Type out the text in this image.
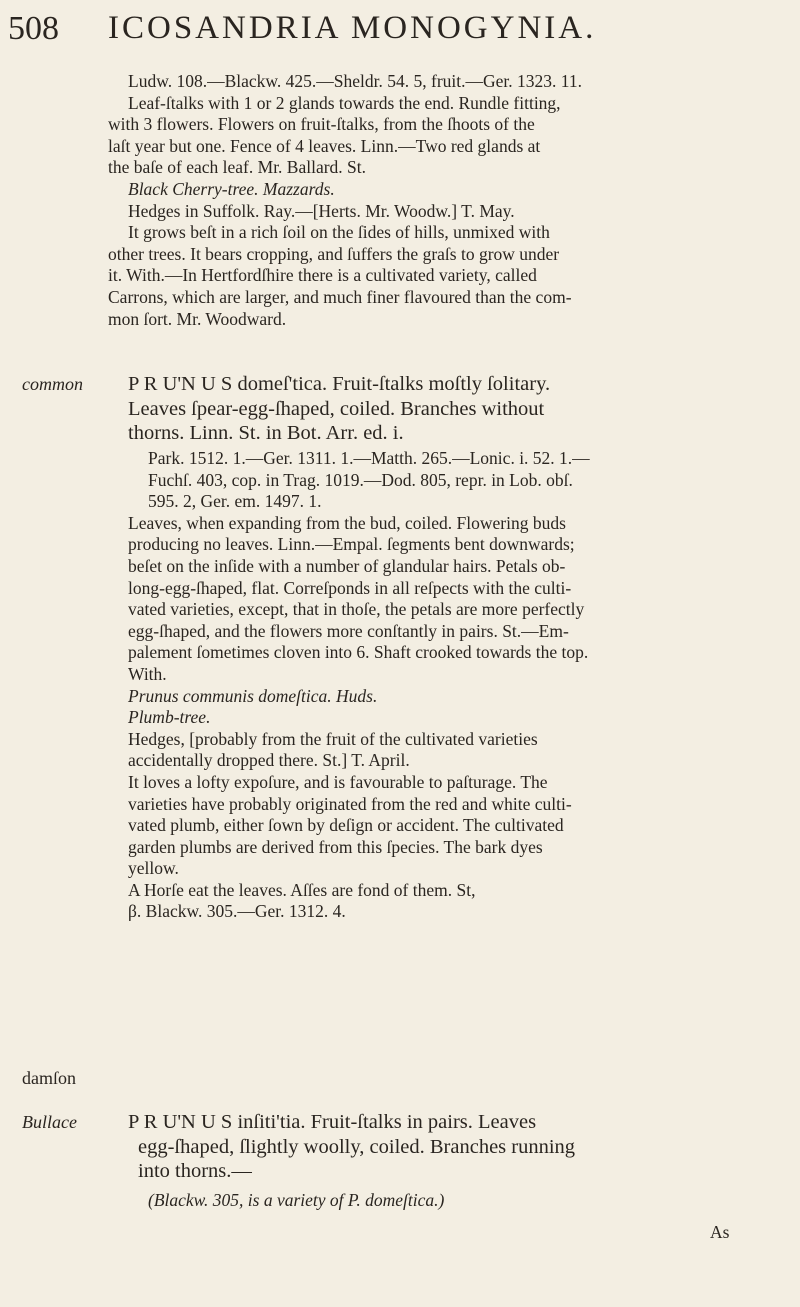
508 ICOSANDRIA MONOGYNIA.

Ludw. 108.—Blackw. 425.—Sheldr. 54. 5, fruit.—Ger. 1323. 11.

Leaf-ſtalks with 1 or 2 glands towards the end. Rundle fitting,

with 3 flowers. Flowers on fruit-ſtalks, from the ſhoots of the

laſt year but one. Fence of 4 leaves. Linn.—Two red glands at

the baſe of each leaf. Mr. Ballard. St.

Black Cherry-tree. Mazzards.

Hedges in Suffolk. Ray.—[Herts. Mr. Woodw.] T. May.

It grows beſt in a rich ſoil on the ſides of hills, unmixed with

other trees. It bears cropping, and ſuffers the graſs to grow under

it. With.—In Hertfordſhire there is a cultivated variety, called

Carrons, which are larger, and much finer flavoured than the com-

mon ſort. Mr. Woodward.

common
damſon
Bullace

P R U'N U S domeſ'tica. Fruit-ſtalks moſtly ſolitary.

Leaves ſpear-egg-ſhaped, coiled. Branches without

thorns. Linn. St. in Bot. Arr. ed. i.

Park. 1512. 1.—Ger. 1311. 1.—Matth. 265.—Lonic. i. 52. 1.—

Fuchſ. 403, cop. in Trag. 1019.—Dod. 805, repr. in Lob. obſ.

595. 2, Ger. em. 1497. 1.

Leaves, when expanding from the bud, coiled. Flowering buds

producing no leaves. Linn.—Empal. ſegments bent downwards;

beſet on the inſide with a number of glandular hairs. Petals ob-

long-egg-ſhaped, flat. Correſponds in all reſpects with the culti-

vated varieties, except, that in thoſe, the petals are more perfectly

egg-ſhaped, and the flowers more conſtantly in pairs. St.—Em-

palement ſometimes cloven into 6. Shaft crooked towards the top.

With.

Prunus communis domeſtica. Huds.

Plumb-tree.

Hedges, [probably from the fruit of the cultivated varieties

accidentally dropped there. St.] T. April.

It loves a lofty expoſure, and is favourable to paſturage. The

varieties have probably originated from the red and white culti-

vated plumb, either ſown by deſign or accident. The cultivated

garden plumbs are derived from this ſpecies. The bark dyes

yellow.

A Horſe eat the leaves. Aſſes are fond of them. St,

β. Blackw. 305.—Ger. 1312. 4.

P R U'N U S inſiti'tia. Fruit-ſtalks in pairs. Leaves

egg-ſhaped, ſlightly woolly, coiled. Branches running

into thorns.—

(Blackw. 305, is a variety of P. domeſtica.)
As
